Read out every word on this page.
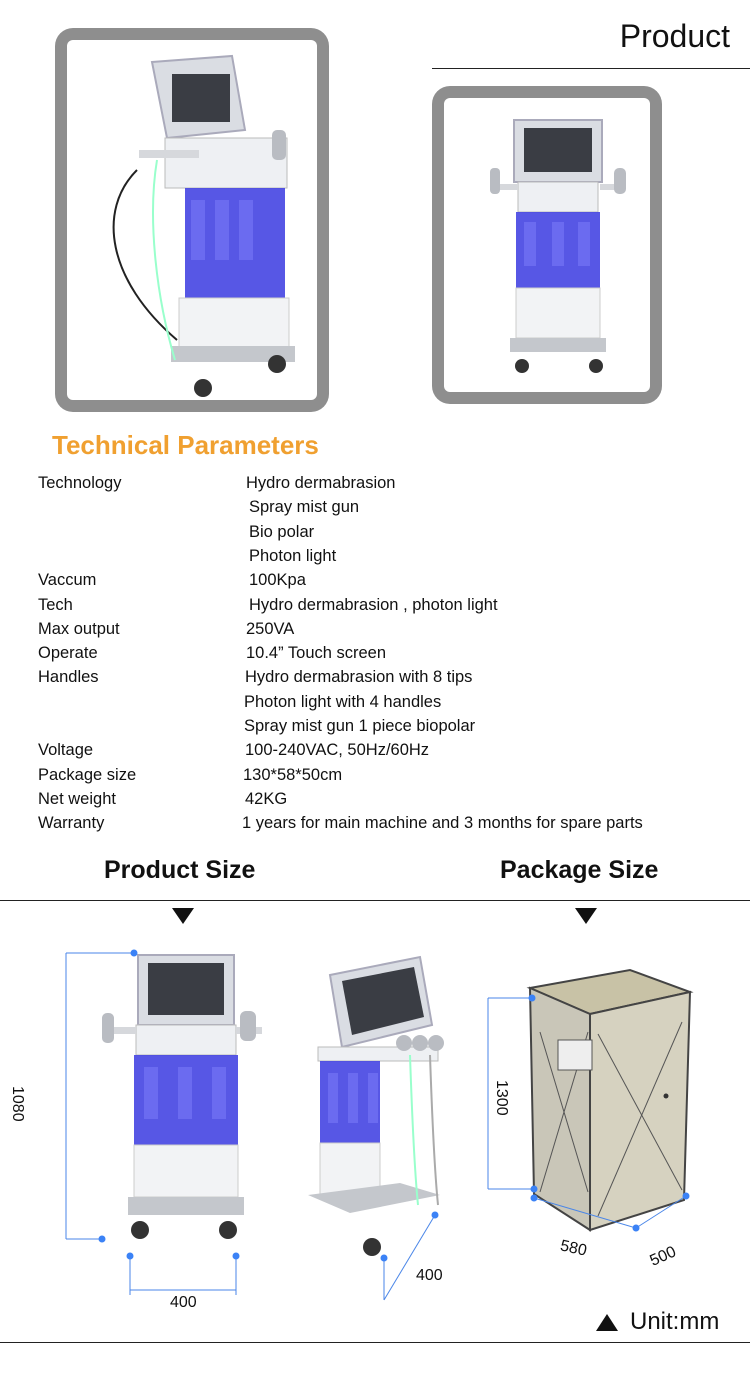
Product
Technical Parameters
Technology	Hydro dermabrasion
Spray mist gun
Bio polar
Photon light
Vaccum	100Kpa
Tech	Hydro dermabrasion , photon light
Max output	250VA
Operate	10.4” Touch screen
Handles	Hydro dermabrasion with 8 tips
Photon light with 4 handles
Spray mist gun 1 piece biopolar
Voltage	100-240VAC, 50Hz/60Hz
Package size	130*58*50cm
Net weight	42KG
Warranty	1 years for main machine and 3 months for spare parts
Product Size	Package Size
1080
400
400
1300
580	500
Unit:mm
